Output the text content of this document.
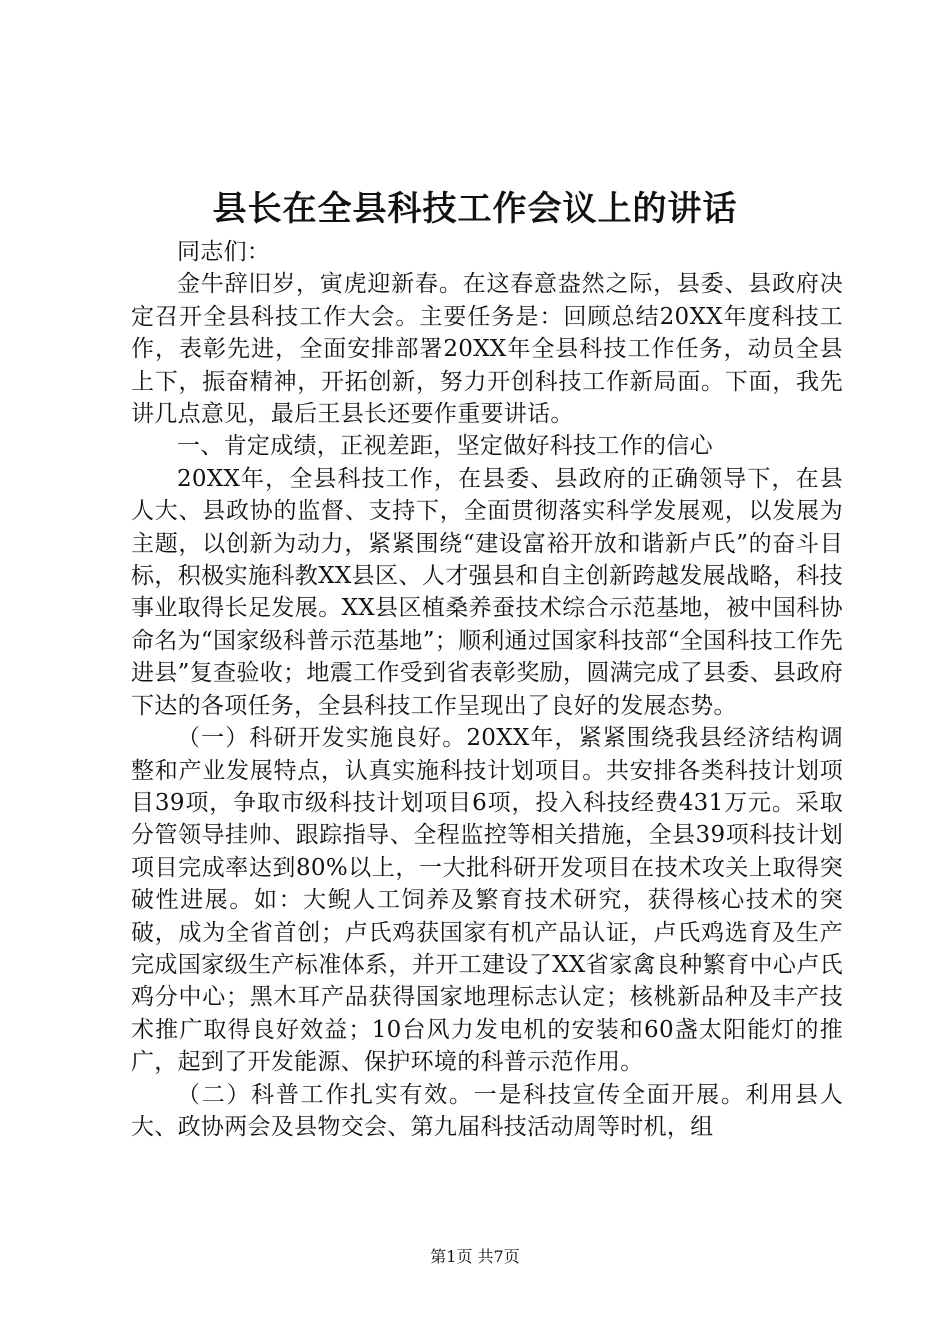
县长在全县科技工作会议上的讲话

同志们：

金牛辞旧岁，寅虎迎新春。在这春意盎然之际，县委、县政府决定召开全县科技工作大会。主要任务是：回顾总结20XX年度科技工作，表彰先进，全面安排部署20XX年全县科技工作任务，动员全县上下，振奋精神，开拓创新，努力开创科技工作新局面。下面，我先讲几点意见，最后王县长还要作重要讲话。

一、肯定成绩，正视差距，坚定做好科技工作的信心

20XX年，全县科技工作，在县委、县政府的正确领导下，在县人大、县政协的监督、支持下，全面贯彻落实科学发展观，以发展为主题，以创新为动力，紧紧围绕“建设富裕开放和谐新卢氏”的奋斗目标，积极实施科教XX县区、人才强县和自主创新跨越发展战略，科技事业取得长足发展。XX县区植桑养蚕技术综合示范基地，被中国科协命名为“国家级科普示范基地”；顺利通过国家科技部“全国科技工作先进县”复查验收；地震工作受到省表彰奖励，圆满完成了县委、县政府下达的各项任务，全县科技工作呈现出了良好的发展态势。

（一）科研开发实施良好。20XX年，紧紧围绕我县经济结构调整和产业发展特点，认真实施科技计划项目。共安排各类科技计划项目39项，争取市级科技计划项目6项，投入科技经费431万元。采取分管领导挂帅、跟踪指导、全程监控等相关措施，全县39项科技计划项目完成率达到80%以上，一大批科研开发项目在技术攻关上取得突破性进展。如：大鲵人工饲养及繁育技术研究，获得核心技术的突破，成为全省首创；卢氏鸡获国家有机产品认证，卢氏鸡选育及生产完成国家级生产标准体系，并开工建设了XX省家禽良种繁育中心卢氏鸡分中心；黑木耳产品获得国家地理标志认定；核桃新品种及丰产技术推广取得良好效益；10台风力发电机的安装和60盏太阳能灯的推广，起到了开发能源、保护环境的科普示范作用。

（二）科普工作扎实有效。一是科技宣传全面开展。利用县人大、政协两会及县物交会、第九届科技活动周等时机，组

第1页 共7页
